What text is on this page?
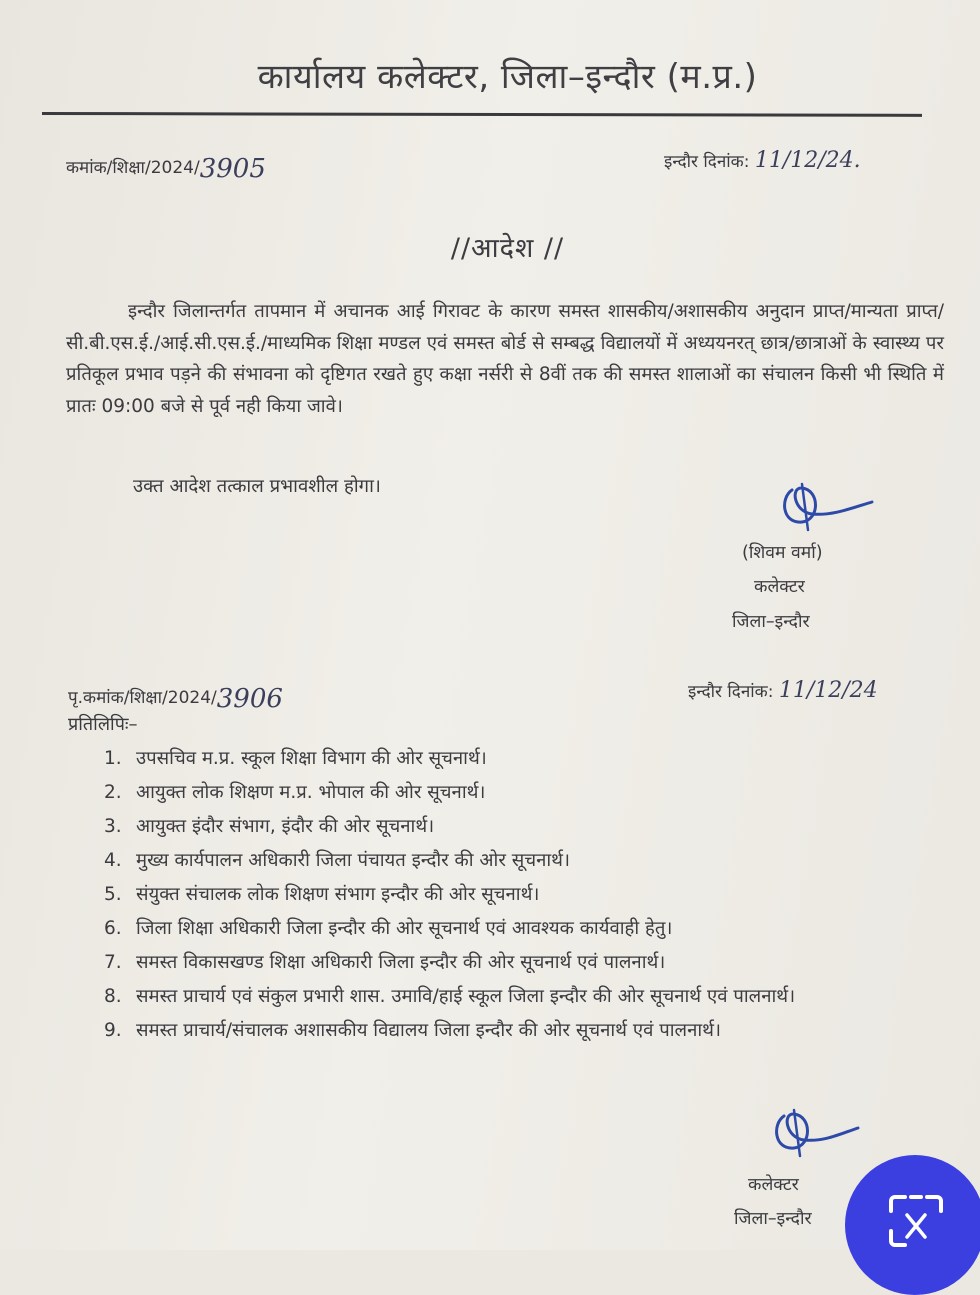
कार्यालय कलेक्टर, जिला–इन्दौर (म.प्र.)
कमांक/शिक्षा/2024/3905	इन्दौर दिनांक: 11/12/24.
//आदेश //

इन्दौर जिलान्तर्गत तापमान में अचानक आई गिरावट के कारण समस्त शासकीय/अशासकीय अनुदान प्राप्त/मान्यता प्राप्त/सी.बी.एस.ई./आई.सी.एस.ई./माध्यमिक शिक्षा मण्डल एवं समस्त बोर्ड से सम्बद्ध विद्यालयों में अध्ययनरत् छात्र/छात्राओं के स्वास्थ्य पर प्रतिकूल प्रभाव पड़ने की संभावना को दृष्टिगत रखते हुए कक्षा नर्सरी से 8वीं तक की समस्त शालाओं का संचालन किसी भी स्थिति में प्रातः 09:00 बजे से पूर्व नही किया जावे।

उक्त आदेश तत्काल प्रभावशील होगा।
(शिवम वर्मा)
कलेक्टर
जिला–इन्दौर
पृ.कमांक/शिक्षा/2024/3906	इन्दौर दिनांक: 11/12/24
प्रतिलिपिः–
1. उपसचिव म.प्र. स्कूल शिक्षा विभाग की ओर सूचनार्थ।
2. आयुक्त लोक शिक्षण म.प्र. भोपाल की ओर सूचनार्थ।
3. आयुक्त इंदौर संभाग, इंदौर की ओर सूचनार्थ।
4. मुख्य कार्यपालन अधिकारी जिला पंचायत इन्दौर की ओर सूचनार्थ।
5. संयुक्त संचालक लोक शिक्षण संभाग इन्दौर की ओर सूचनार्थ।
6. जिला शिक्षा अधिकारी जिला इन्दौर की ओर सूचनार्थ एवं आवश्यक कार्यवाही हेतु।
7. समस्त विकासखण्ड शिक्षा अधिकारी जिला इन्दौर की ओर सूचनार्थ एवं पालनार्थ।
8. समस्त प्राचार्य एवं संकुल प्रभारी शास. उमावि/हाई स्कूल जिला इन्दौर की ओर सूचनार्थ एवं पालनार्थ।
9. समस्त प्राचार्य/संचालक अशासकीय विद्यालय जिला इन्दौर की ओर सूचनार्थ एवं पालनार्थ।
कलेक्टर
जिला–इन्दौर
